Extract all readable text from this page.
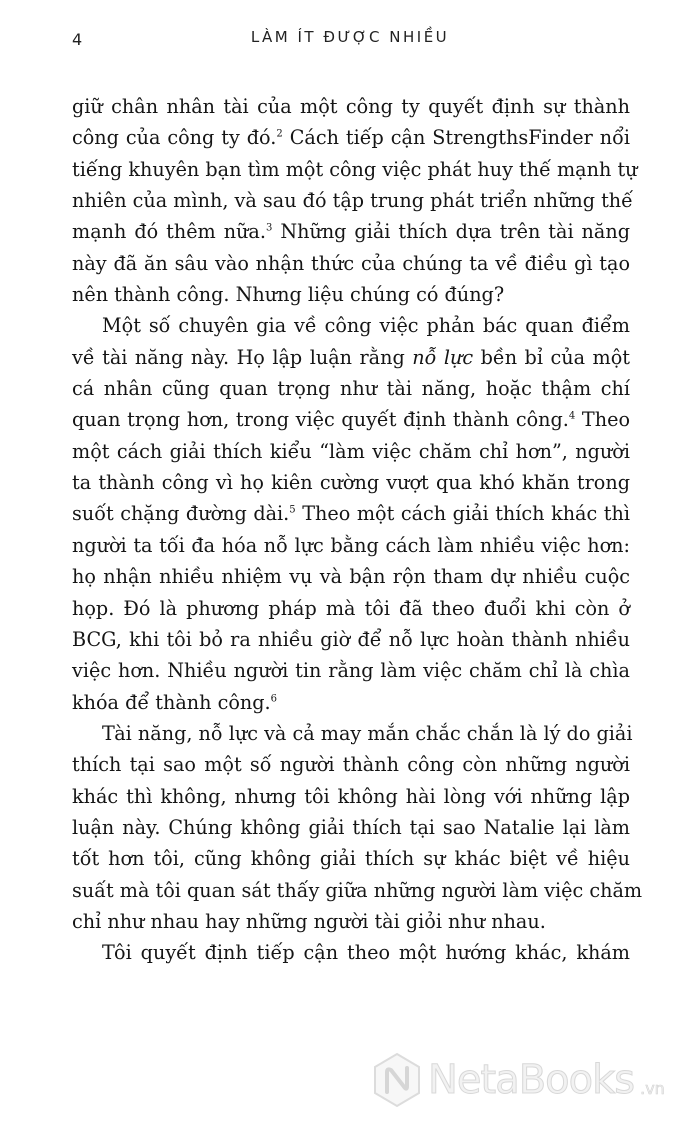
4	LÀM ÍT ĐƯỢC NHIỀU
giữ chân nhân tài của một công ty quyết định sự thành
công của công ty đó.$^2$ Cách tiếp cận StrengthsFinder nổi
tiếng khuyên bạn tìm một công việc phát huy thế mạnh tự
nhiên của mình, và sau đó tập trung phát triển những thế
mạnh đó thêm nữa.$^3$ Những giải thích dựa trên tài năng
này đã ăn sâu vào nhận thức của chúng ta về điều gì tạo
nên thành công. Nhưng liệu chúng có đúng?
Một số chuyên gia về công việc phản bác quan điểm
về tài năng này. Họ lập luận rằng nỗ lực bền bỉ của một
cá nhân cũng quan trọng như tài năng, hoặc thậm chí
quan trọng hơn, trong việc quyết định thành công.$^4$ Theo
một cách giải thích kiểu “làm việc chăm chỉ hơn”, người
ta thành công vì họ kiên cường vượt qua khó khăn trong
suốt chặng đường dài.$^5$ Theo một cách giải thích khác thì
người ta tối đa hóa nỗ lực bằng cách làm nhiều việc hơn:
họ nhận nhiều nhiệm vụ và bận rộn tham dự nhiều cuộc
họp. Đó là phương pháp mà tôi đã theo đuổi khi còn ở
BCG, khi tôi bỏ ra nhiều giờ để nỗ lực hoàn thành nhiều
việc hơn. Nhiều người tin rằng làm việc chăm chỉ là chìa
khóa để thành công.$^6$
Tài năng, nỗ lực và cả may mắn chắc chắn là lý do giải
thích tại sao một số người thành công còn những người
khác thì không, nhưng tôi không hài lòng với những lập
luận này. Chúng không giải thích tại sao Natalie lại làm
tốt hơn tôi, cũng không giải thích sự khác biệt về hiệu
suất mà tôi quan sát thấy giữa những người làm việc chăm
chỉ như nhau hay những người tài giỏi như nhau.
Tôi quyết định tiếp cận theo một hướng khác, khám
NetaBooks .vn
